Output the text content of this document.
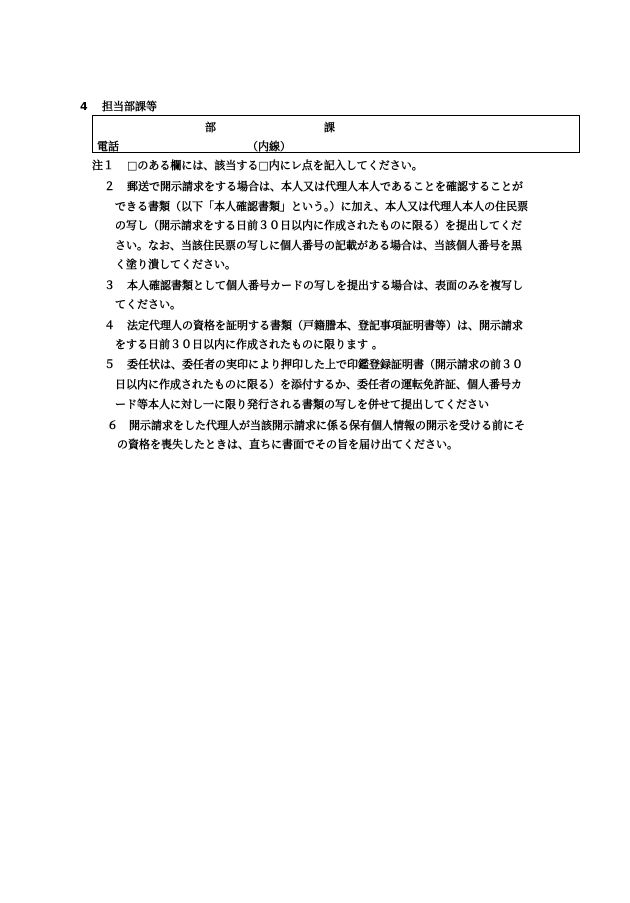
4 担当部課等
部	課
電話	（内線）
注１ □のある欄には、該当する□内にレ点を記入してください。
２ 郵送で開示請求をする場合は、本人又は代理人本人であることを確認することが
できる書類（以下「本人確認書類」という。）に加え、本人又は代理人本人の住民票
の写し（開示請求をする日前３０日以内に作成されたものに限る）を提出してくだ
さい。なお、当該住民票の写しに個人番号の記載がある場合は、当該個人番号を黒
く塗り潰してください。
３ 本人確認書類として個人番号カードの写しを提出する場合は、表面のみを複写し
てください。
４ 法定代理人の資格を証明する書類（戸籍謄本、登記事項証明書等）は、開示請求
をする日前３０日以内に作成されたものに限ります 。
５ 委任状は、委任者の実印により押印した上で印鑑登録証明書（開示請求の前３０
日以内に作成されたものに限る）を添付するか、委任者の運転免許証、個人番号カ
ード等本人に対し一に限り発行される書類の写しを併せて提出してください
６ 開示請求をした代理人が当該開示請求に係る保有個人情報の開示を受ける前にそ
の資格を喪失したときは、直ちに書面でその旨を届け出てください。
